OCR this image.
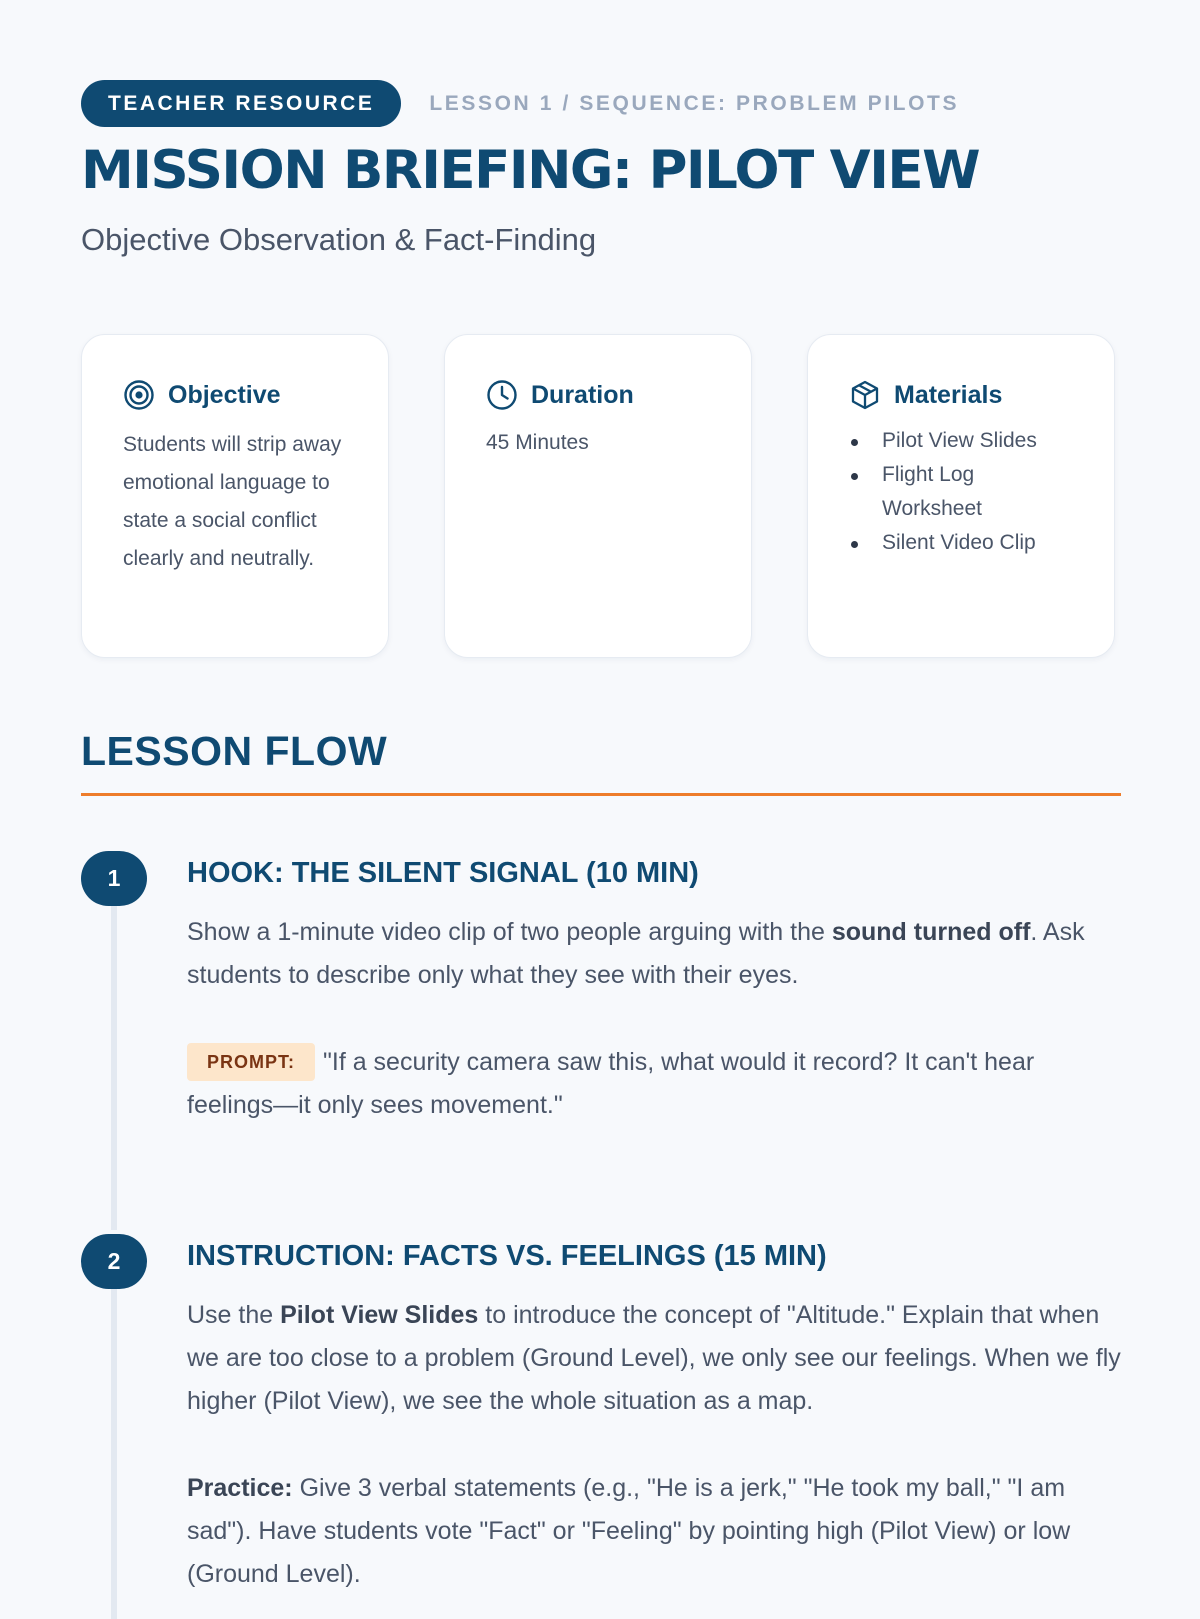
TEACHER RESOURCE	LESSON 1 / SEQUENCE: PROBLEM PILOTS
MISSION BRIEFING: PILOT VIEW
Objective Observation & Fact-Finding
Objective
Students will strip away emotional language to state a social conflict clearly and neutrally.
Duration
45 Minutes
Materials
Pilot View Slides
Flight Log Worksheet
Silent Video Clip
LESSON FLOW
1	HOOK: THE SILENT SIGNAL (10 MIN)

Show a 1-minute video clip of two people arguing with the sound turned off. Ask students to describe only what they see with their eyes.

PROMPT: "If a security camera saw this, what would it record? It can't hear feelings—it only sees movement."

2	INSTRUCTION: FACTS VS. FEELINGS (15 MIN)

Use the Pilot View Slides to introduce the concept of "Altitude." Explain that when we are too close to a problem (Ground Level), we only see our feelings. When we fly higher (Pilot View), we see the whole situation as a map.

Practice: Give 3 verbal statements (e.g., "He is a jerk," "He took my ball," "I am sad"). Have students vote "Fact" or "Feeling" by pointing high (Pilot View) or low (Ground Level).
